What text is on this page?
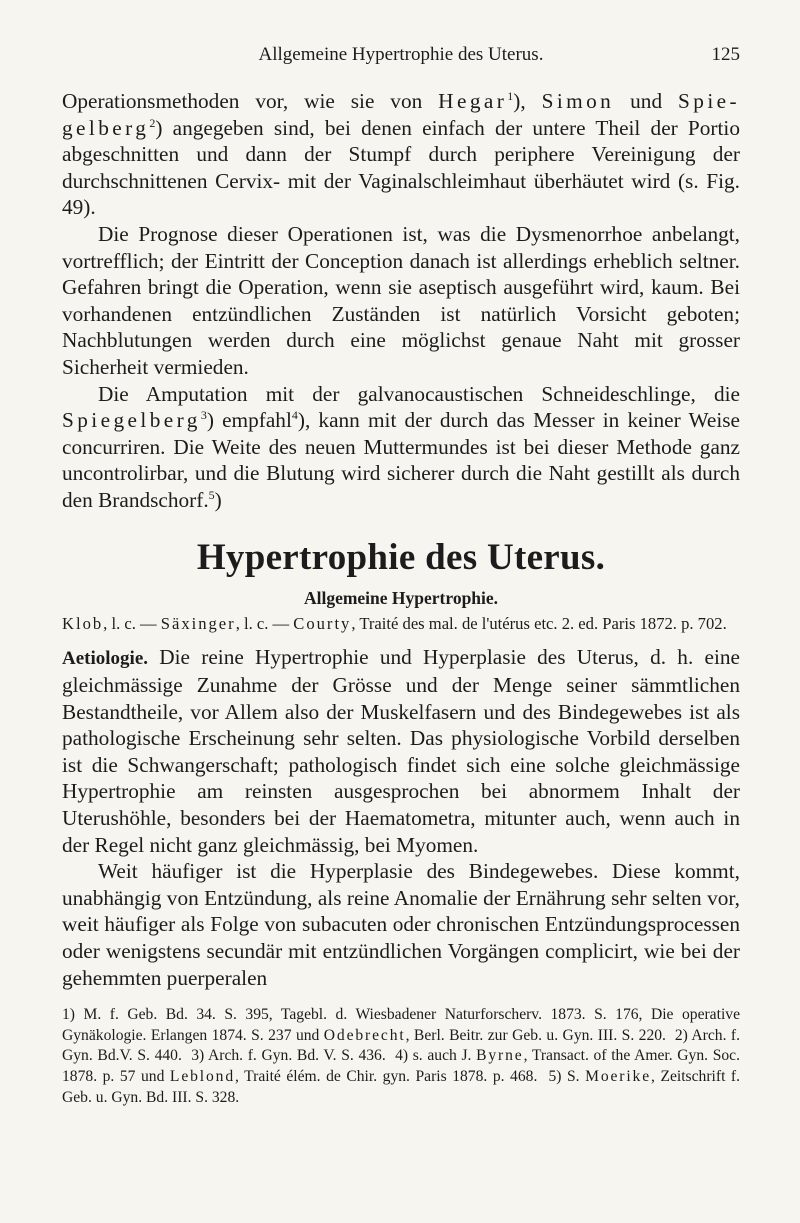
Allgemeine Hypertrophie des Uterus.	125

Operationsmethoden vor, wie sie von Hegar$^1$), Simon und Spie-gelberg$^2$) angegeben sind, bei denen einfach der untere Theil der Portio abgeschnitten und dann der Stumpf durch periphere Vereinigung der durchschnittenen Cervix- mit der Vaginalschleimhaut überhäutet wird (s. Fig. 49).

Die Prognose dieser Operationen ist, was die Dysmenorrhoe anbelangt, vortrefflich; der Eintritt der Conception danach ist allerdings erheblich seltner. Gefahren bringt die Operation, wenn sie aseptisch ausgeführt wird, kaum. Bei vorhandenen entzündlichen Zuständen ist natürlich Vorsicht geboten; Nachblutungen werden durch eine möglichst genaue Naht mit grosser Sicherheit vermieden.

Die Amputation mit der galvanocaustischen Schneideschlinge, die Spiegelberg$^3$) empfahl$^4$), kann mit der durch das Messer in keiner Weise concurriren. Die Weite des neuen Muttermundes ist bei dieser Methode ganz uncontrolirbar, und die Blutung wird sicherer durch die Naht gestillt als durch den Brandschorf.$^5$)

Hypertrophie des Uterus.
Allgemeine Hypertrophie.
Klob, l. c. — Säxinger, l. c. — Courty, Traité des mal. de l'utérus etc. 2. ed. Paris 1872. p. 702.

Aetiologie. Die reine Hypertrophie und Hyperplasie des Uterus, d. h. eine gleichmässige Zunahme der Grösse und der Menge seiner sämmtlichen Bestandtheile, vor Allem also der Muskelfasern und des Bindegewebes ist als pathologische Erscheinung sehr selten. Das physiologische Vorbild derselben ist die Schwangerschaft; pathologisch findet sich eine solche gleichmässige Hypertrophie am reinsten ausgesprochen bei abnormem Inhalt der Uterushöhle, besonders bei der Haematometra, mitunter auch, wenn auch in der Regel nicht ganz gleichmässig, bei Myomen.

Weit häufiger ist die Hyperplasie des Bindegewebes. Diese kommt, unabhängig von Entzündung, als reine Anomalie der Ernährung sehr selten vor, weit häufiger als Folge von subacuten oder chronischen Entzündungsprocessen oder wenigstens secundär mit entzündlichen Vorgängen complicirt, wie bei der gehemmten puerperalen

1) M. f. Geb. Bd. 34. S. 395, Tagebl. d. Wiesbadener Naturforscherv. 1873. S. 176, Die operative Gynäkologie. Erlangen 1874. S. 237 und Odebrecht, Berl. Beitr. zur Geb. u. Gyn. III. S. 220. 2) Arch. f. Gyn. Bd.V. S. 440. 3) Arch. f. Gyn. Bd. V. S. 436. 4) s. auch J. Byrne, Transact. of the Amer. Gyn. Soc. 1878. p. 57 und Leblond, Traité élém. de Chir. gyn. Paris 1878. p. 468. 5) S. Moerike, Zeitschrift f. Geb. u. Gyn. Bd. III. S. 328.
